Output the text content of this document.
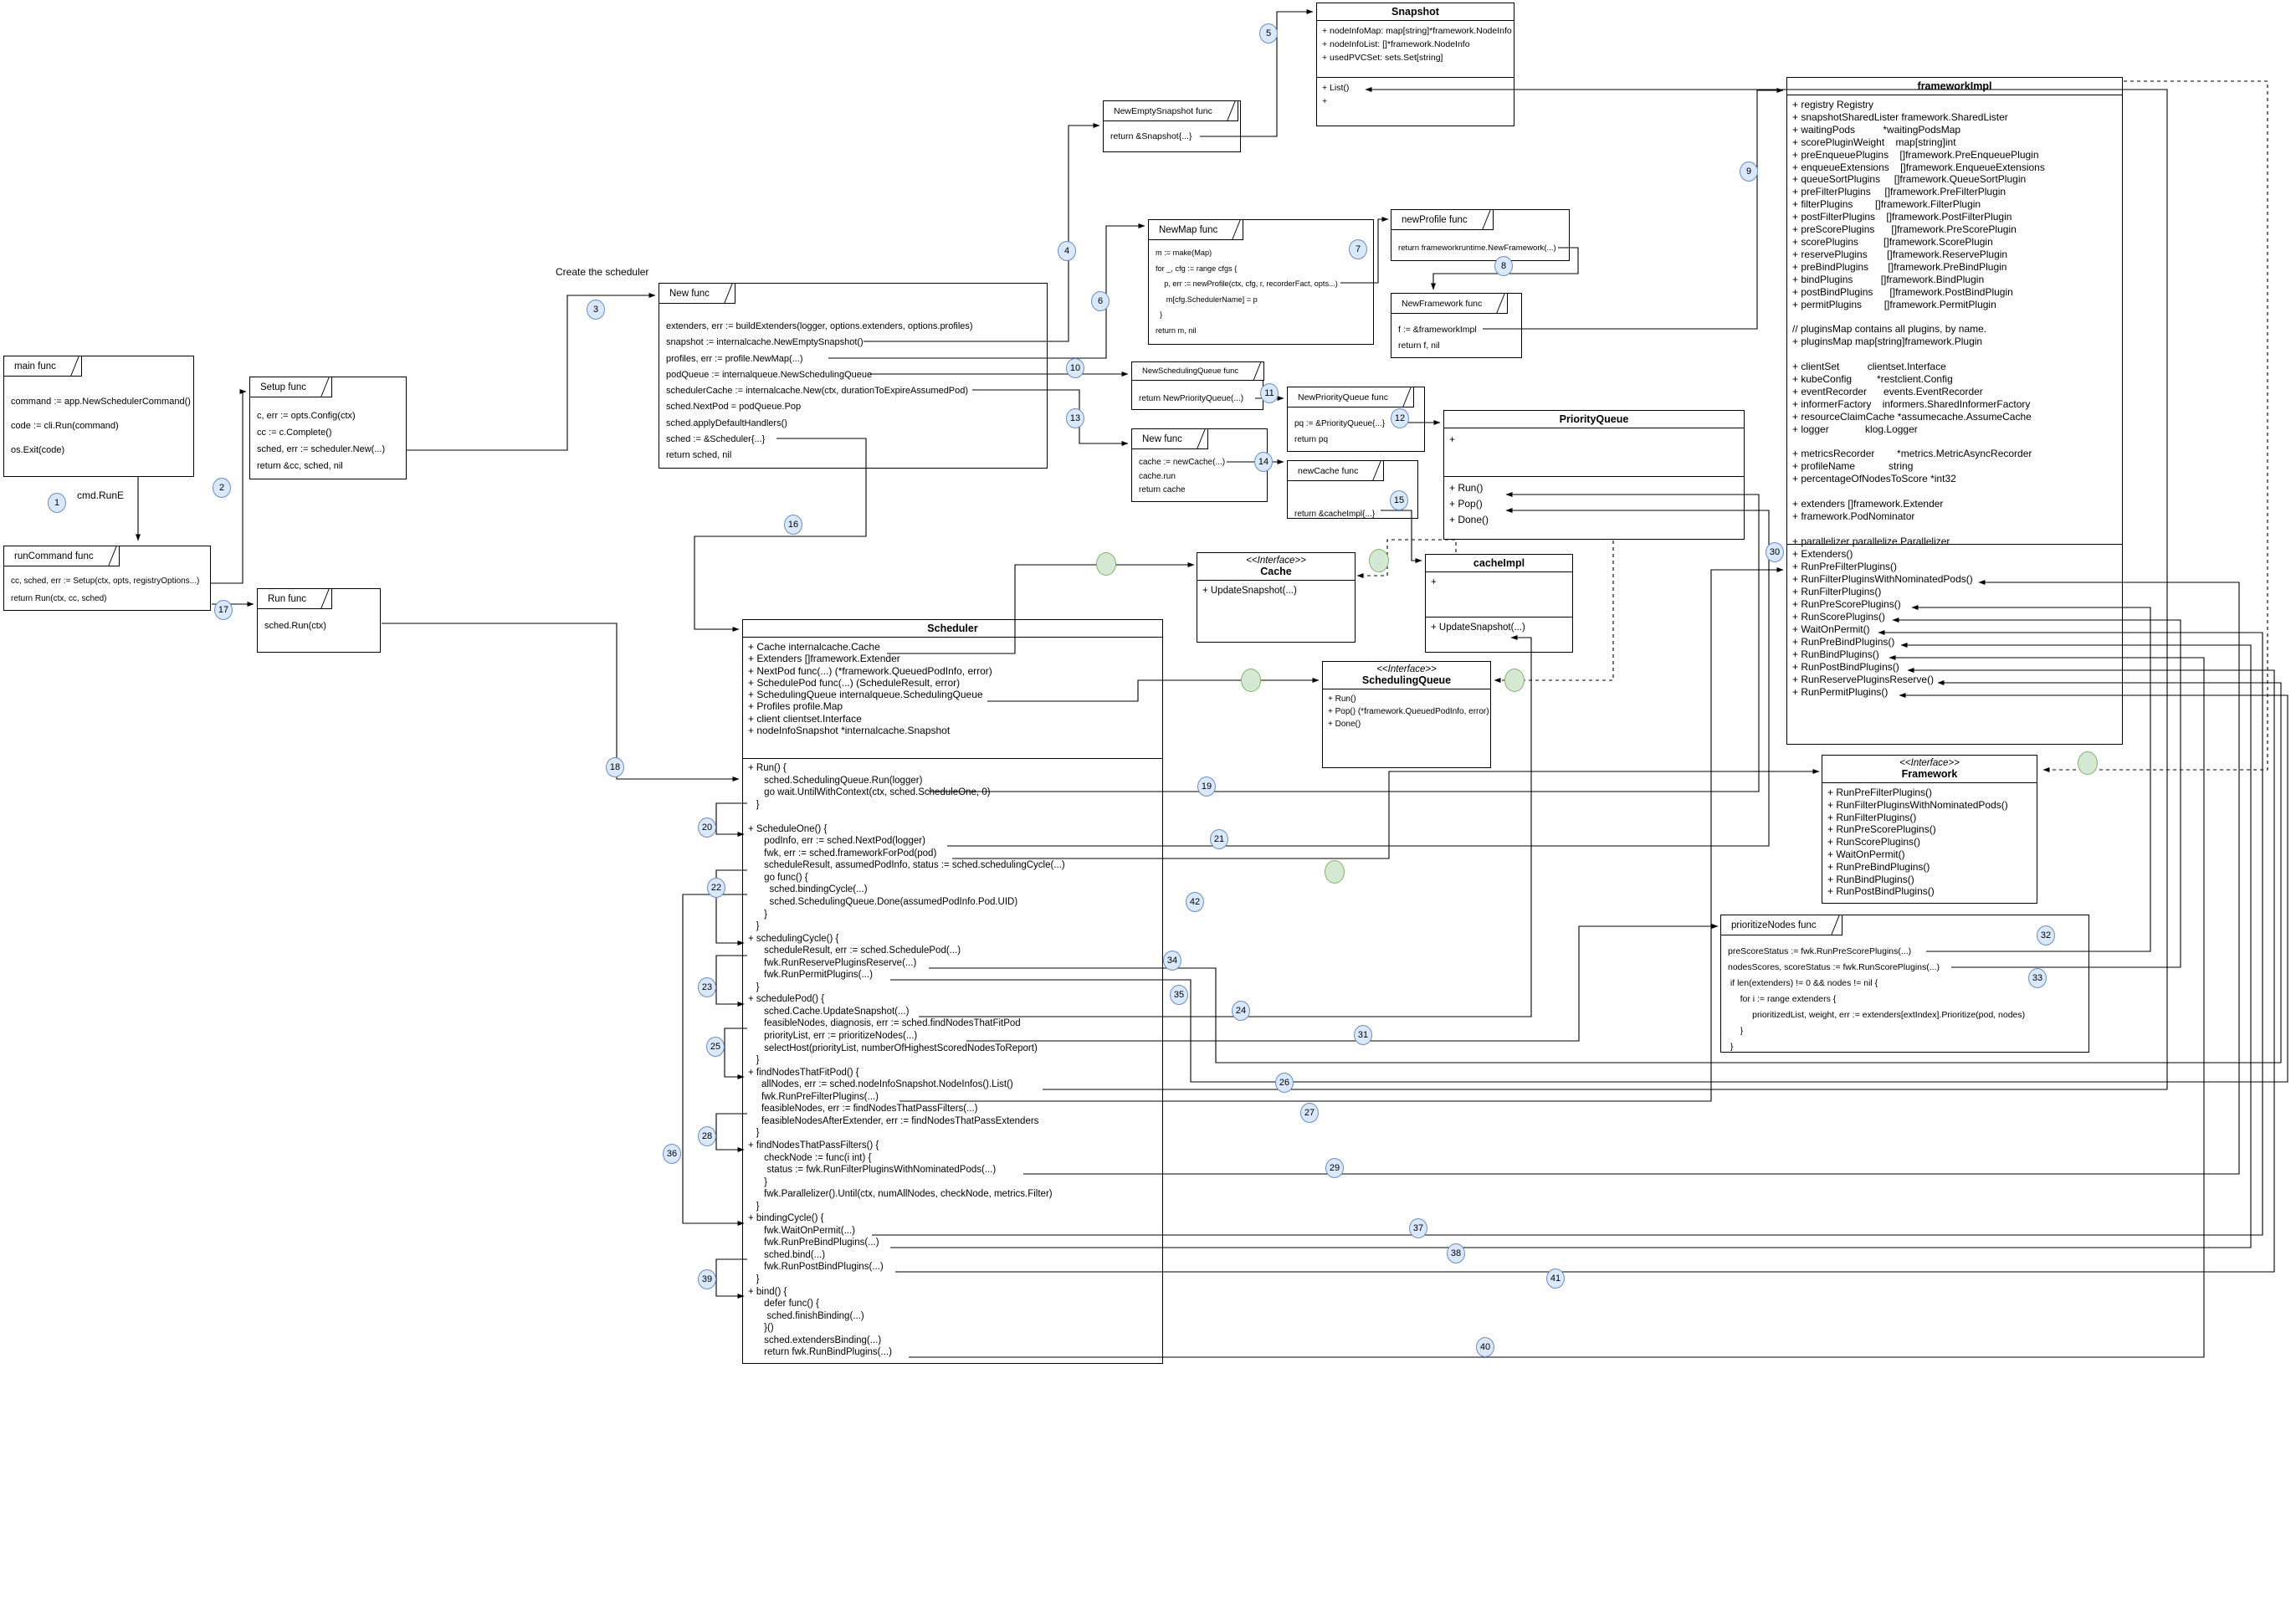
main func
command := app.NewSchedulerCommand()
code := cli.Run(command)
os.Exit(code)
runCommand func
cc, sched, err := Setup(ctx, opts, registryOptions...)
return Run(ctx, cc, sched)
Setup func
c, err := opts.Config(ctx)
cc := c.Complete()
sched, err := scheduler.New(...)
return &cc, sched, nil
Run func
sched.Run(ctx)
New func
extenders, err := buildExtenders(logger, options.extenders, options.profiles)
snapshot := internalcache.NewEmptySnapshot()
profiles, err := profile.NewMap(...)
podQueue := internalqueue.NewSchedulingQueue
schedulerCache := internalcache.New(ctx, durationToExpireAssumedPod)
sched.NextPod = podQueue.Pop
sched.applyDefaultHandlers()
sched := &Scheduler{...}
return sched, nil
NewEmptySnapshot func
return &Snapshot{...}
NewMap func
m := make(Map)
for _, cfg := range cfgs {
p, err := newProfile(ctx, cfg, r, recorderFact, opts...)
m[cfg.SchedulerName] = p
}
return m, nil
newProfile func
return frameworkruntime.NewFramework(...)
NewFramework func
f := &frameworkImpl
return f, nil
NewSchedulingQueue func
return NewPriorityQueue(...)	NewPriorityQueue func
pq := &PriorityQueue{...}
return pq
New func
cache := newCache(...)
cache.run
return cache
newCache func
return &cacheImpl{...}
prioritizeNodes func
preScoreStatus := fwk.RunPreScorePlugins(...)
nodesScores, scoreStatus := fwk.RunScorePlugins(...)
if len(extenders) != 0 && nodes != nil {
for i := range extenders {
prioritizedList, weight, err := extenders[extIndex].Prioritize(pod, nodes)
}
}
Snapshot
+ nodeInfoMap: map[string]*framework.NodeInfo
+ nodeInfoList: []*framework.NodeInfo
+ usedPVCSet: sets.Set[string]
+ List()
+
PriorityQueue
+
+ Run()
+ Pop()
+ Done()
frameworkImpl
+ registry Registry
+ snapshotSharedLister framework.SharedLister
+ waitingPods          *waitingPodsMap
+ scorePluginWeight    map[string]int
+ preEnqueuePlugins    []framework.PreEnqueuePlugin
+ enqueueExtensions    []framework.EnqueueExtensions
+ queueSortPlugins     []framework.QueueSortPlugin
+ preFilterPlugins     []framework.PreFilterPlugin
+ filterPlugins        []framework.FilterPlugin
+ postFilterPlugins    []framework.PostFilterPlugin
+ preScorePlugins      []framework.PreScorePlugin
+ scorePlugins         []framework.ScorePlugin
+ reservePlugins       []framework.ReservePlugin
+ preBindPlugins       []framework.PreBindPlugin
+ bindPlugins          []framework.BindPlugin
+ postBindPlugins      []framework.PostBindPlugin
+ permitPlugins        []framework.PermitPlugin

// pluginsMap contains all plugins, by name.
+ pluginsMap map[string]framework.Plugin

+ clientSet          clientset.Interface
+ kubeConfig         *restclient.Config
+ eventRecorder      events.EventRecorder
+ informerFactory    informers.SharedInformerFactory
+ resourceClaimCache *assumecache.AssumeCache
+ logger             klog.Logger

+ metricsRecorder        *metrics.MetricAsyncRecorder
+ profileName            string
+ percentageOfNodesToScore *int32

+ extenders []framework.Extender
+ framework.PodNominator

+ parallelizer parallelize.Parallelizer
+ Extenders()
+ RunPreFilterPlugins()
+ RunFilterPluginsWithNominatedPods()
+ RunFilterPlugins()
+ RunPreScorePlugins()
+ RunScorePlugins()
+ WaitOnPermit()
+ RunPreBindPlugins()
+ RunBindPlugins()
+ RunPostBindPlugins()
+ RunReservePluginsReserve()
+ RunPermitPlugins()
<<Interface>>
Cache
+ UpdateSnapshot(...)
cacheImpl
+
+ UpdateSnapshot(...)
<<Interface>>
SchedulingQueue
+ Run()
+ Pop() (*framework.QueuedPodInfo, error)
+ Done()
<<Interface>>
Framework
+ RunPreFilterPlugins()
+ RunFilterPluginsWithNominatedPods()
+ RunFilterPlugins()
+ RunPreScorePlugins()
+ RunScorePlugins()
+ WaitOnPermit()
+ RunPreBindPlugins()
+ RunBindPlugins()
+ RunPostBindPlugins()
Scheduler
+ Cache internalcache.Cache
+ Extenders []framework.Extender
+ NextPod func(...) (*framework.QueuedPodInfo, error)
+ SchedulePod func(...) (ScheduleResult, error)
+ SchedulingQueue internalqueue.SchedulingQueue
+ Profiles profile.Map
+ client clientset.Interface
+ nodeInfoSnapshot *internalcache.Snapshot
+ Run() {
sched.SchedulingQueue.Run(logger)
go wait.UntilWithContext(ctx, sched.ScheduleOne, 0)
}

+ ScheduleOne() {
podInfo, err := sched.NextPod(logger)
fwk, err := sched.frameworkForPod(pod)
scheduleResult, assumedPodInfo, status := sched.schedulingCycle(...)
go func() {
sched.bindingCycle(...)
sched.SchedulingQueue.Done(assumedPodInfo.Pod.UID)
}
}
+ schedulingCycle() {
scheduleResult, err := sched.SchedulePod(...)
fwk.RunReservePluginsReserve(...)
fwk.RunPermitPlugins(...)
}
+ schedulePod() {
sched.Cache.UpdateSnapshot(...)
feasibleNodes, diagnosis, err := sched.findNodesThatFitPod
priorityList, err := prioritizeNodes(...)
selectHost(priorityList, numberOfHighestScoredNodesToReport)
}
+ findNodesThatFitPod() {
allNodes, err := sched.nodeInfoSnapshot.NodeInfos().List()
fwk.RunPreFilterPlugins(...)
feasibleNodes, err := findNodesThatPassFilters(...)
feasibleNodesAfterExtender, err := findNodesThatPassExtenders
}
+ findNodesThatPassFilters() {
checkNode := func(i int) {
status := fwk.RunFilterPluginsWithNominatedPods(...)
}
fwk.Parallelizer().Until(ctx, numAllNodes, checkNode, metrics.Filter)
}
+ bindingCycle() {
fwk.WaitOnPermit(...)
fwk.RunPreBindPlugins(...)
sched.bind(...)
fwk.RunPostBindPlugins(...)
}
+ bind() {
defer func() {
sched.finishBinding(...)
}()
sched.extendersBinding(...)
return fwk.RunBindPlugins(...)
cmd.RunE
Create the scheduler
1
2
3
4
5
6
7
8
9
10
11
12
13
14
15
16
17
18
19
20
21
22
23
24
25
26
27
28
29
30
31
32
33
34
35
36
37
38
39
40
41
42
